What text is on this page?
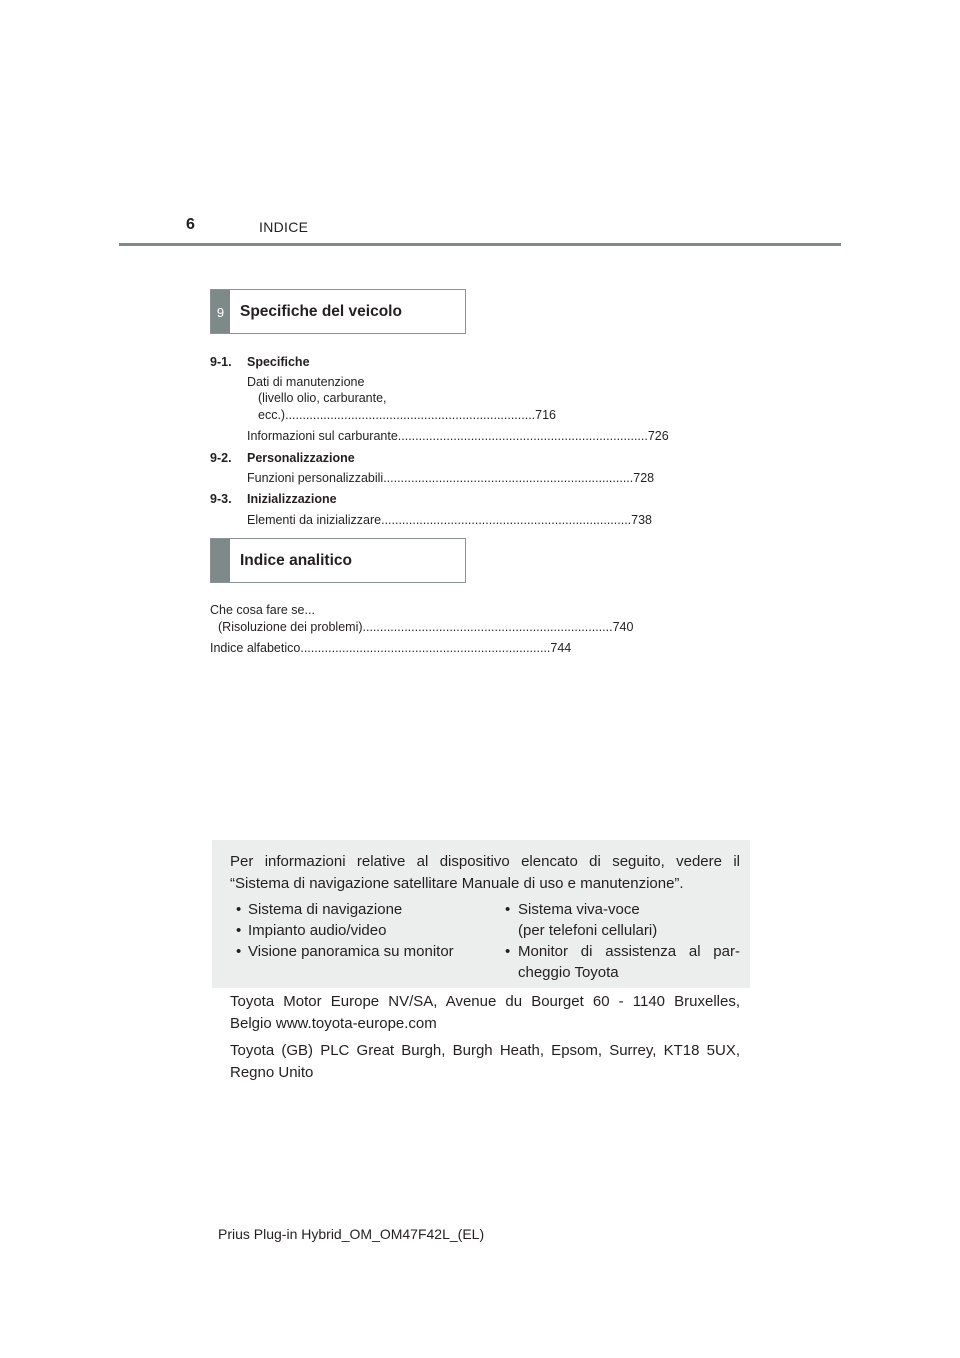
6	INDICE
9	Specifiche del veicolo
9-1. Specifiche
Dati di manutenzione
(livello olio, carburante,
ecc.) ........................................................................ 716
Informazioni sul carburante ........................................................................ 726
9-2. Personalizzazione
Funzioni personalizzabili ........................................................................ 728
9-3. Inizializzazione
Elementi da inizializzare ........................................................................ 738
Indice analitico
Che cosa fare se...
(Risoluzione dei problemi) ........................................................................ 740
Indice alfabetico ........................................................................ 744
Per informazioni relative al dispositivo elencato di seguito, vedere il
“Sistema di navigazione satellitare Manuale di uso e manutenzione”.
• Sistema di navigazione
• Impianto audio/video
• Visione panoramica su monitor
• Sistema viva-voce
(per telefoni cellulari)
• Monitor di assistenza al par-
cheggio Toyota
Toyota Motor Europe NV/SA, Avenue du Bourget 60 - 1140 Bruxelles,
Belgio www.toyota-europe.com
Toyota (GB) PLC Great Burgh, Burgh Heath, Epsom, Surrey, KT18 5UX,
Regno Unito
Prius Plug-in Hybrid_OM_OM47F42L_(EL)
